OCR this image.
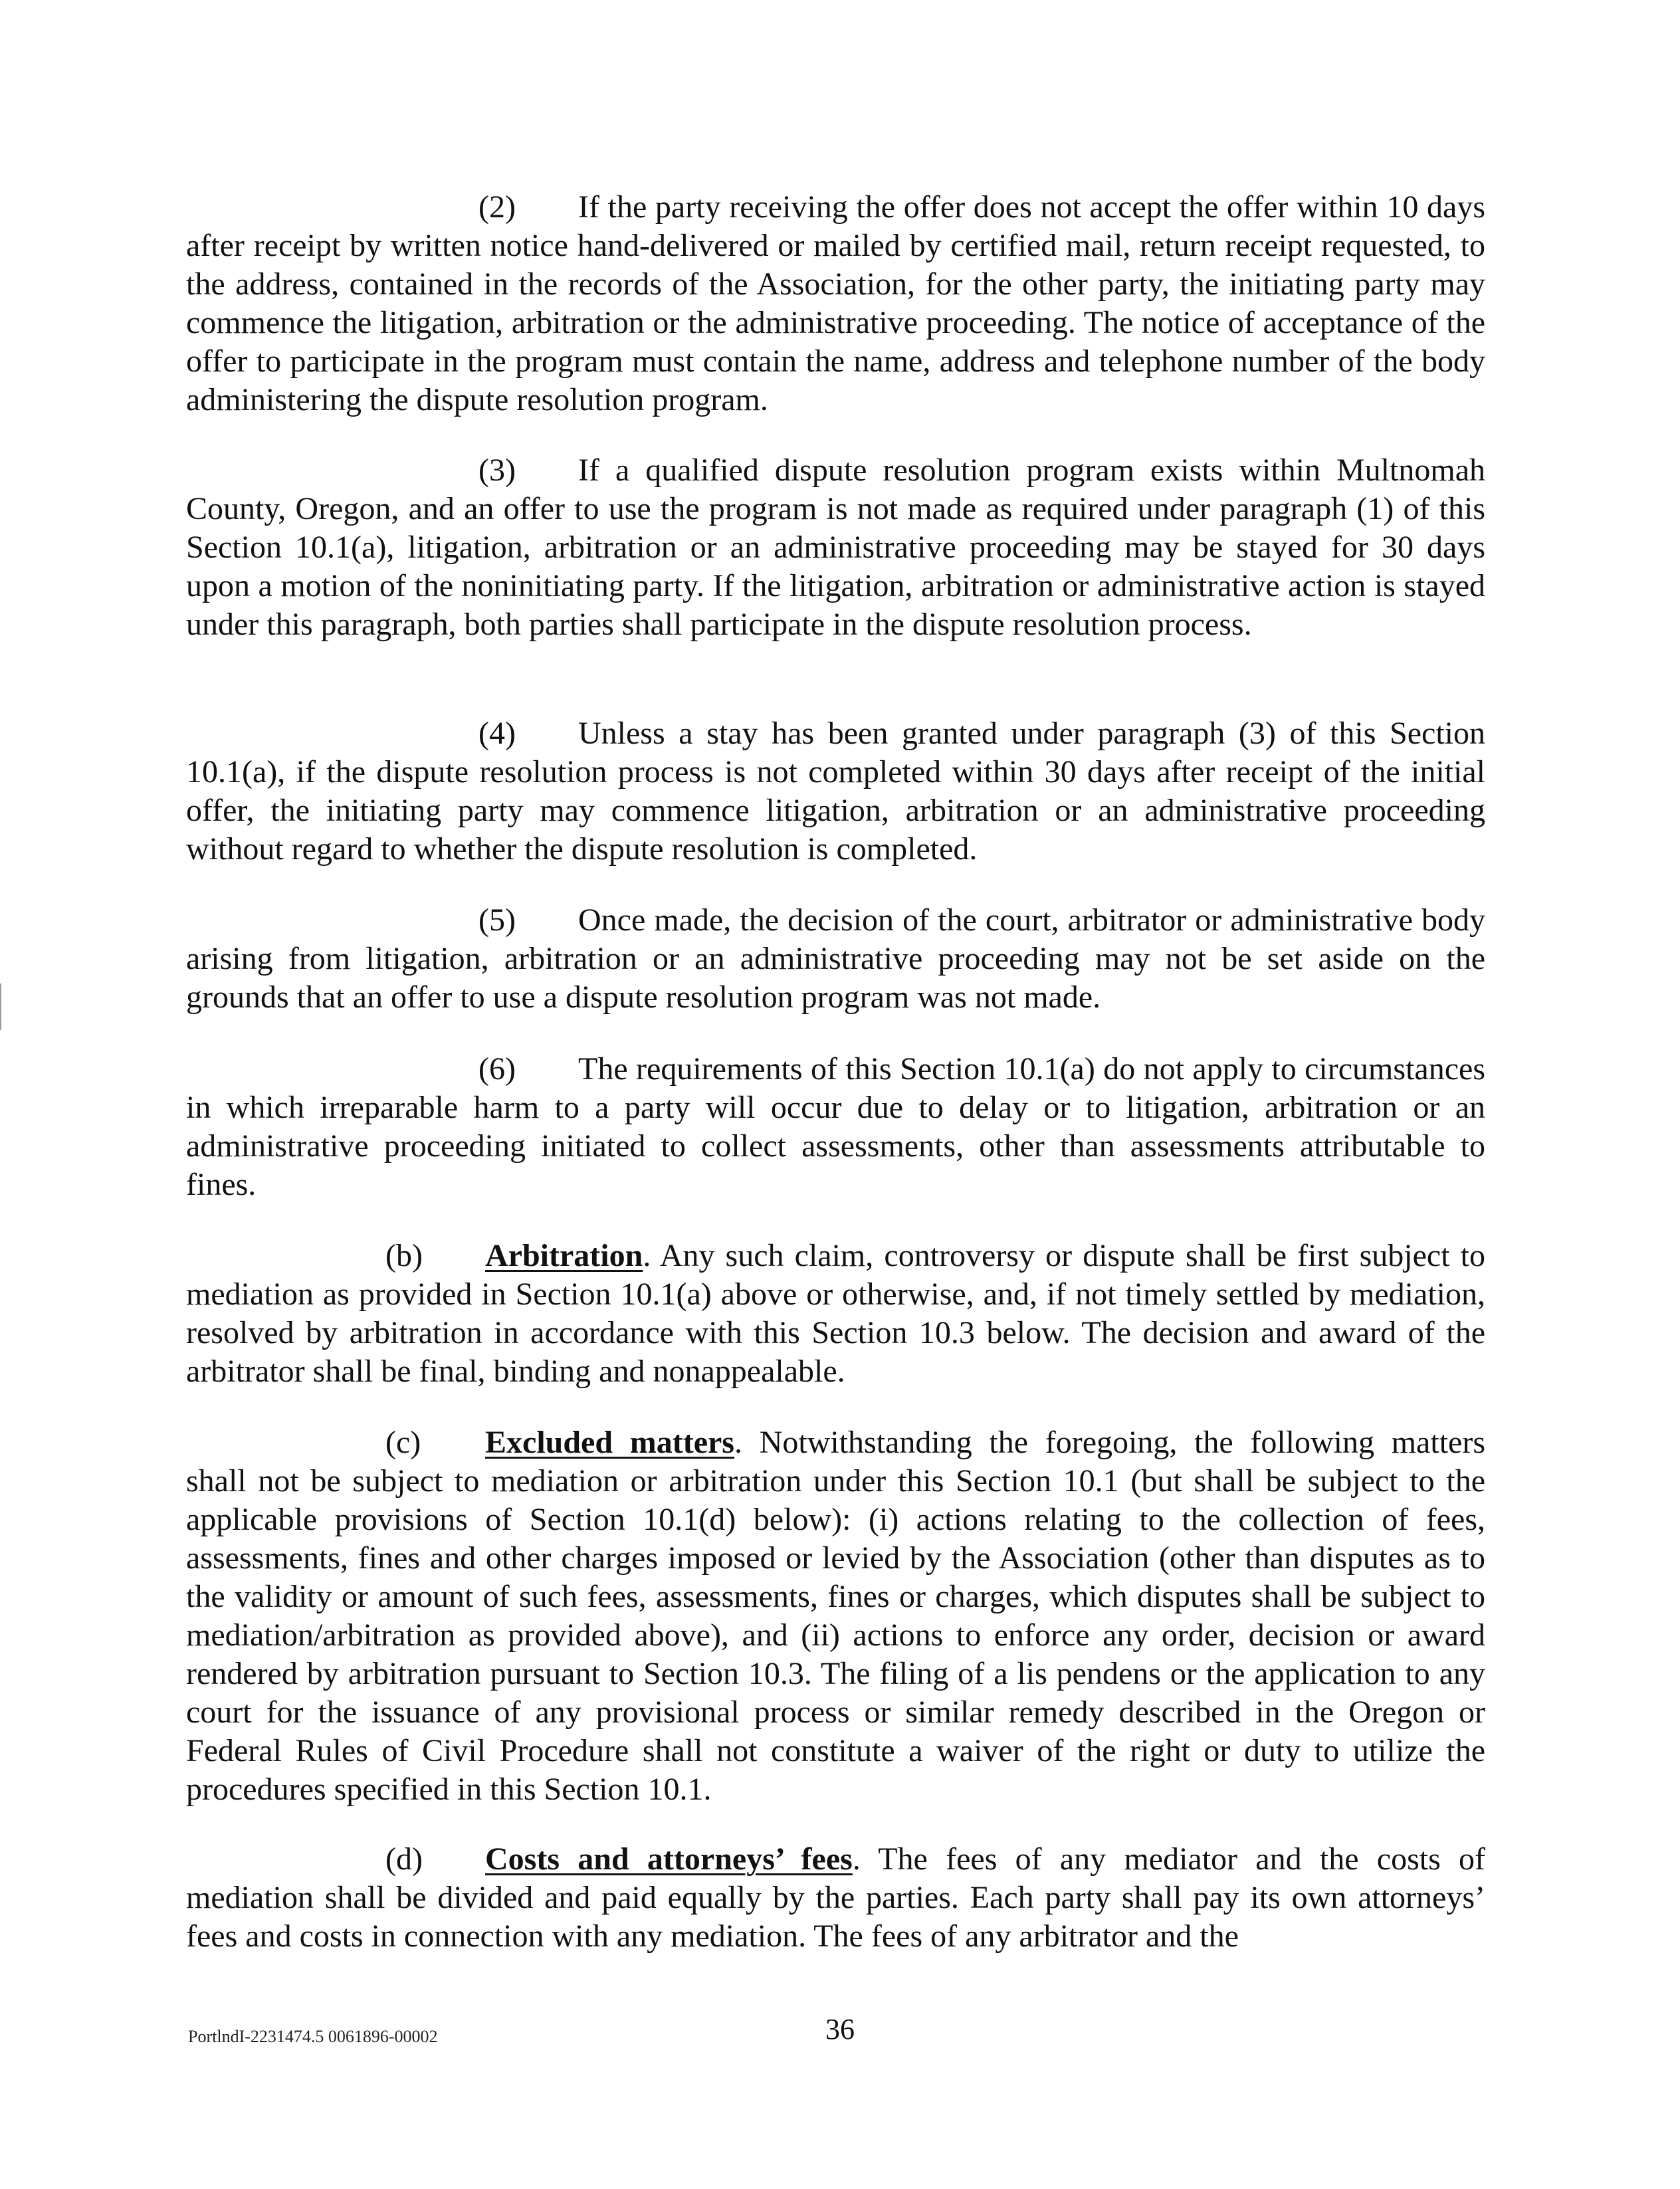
(2) If the party receiving the offer does not accept the offer within 10 days after receipt by written notice hand-delivered or mailed by certified mail, return receipt requested, to the address, contained in the records of the Association, for the other party, the initiating party may commence the litigation, arbitration or the administrative proceeding. The notice of acceptance of the offer to participate in the program must contain the name, address and telephone number of the body administering the dispute resolution program.

(3) If a qualified dispute resolution program exists within Multnomah County, Oregon, and an offer to use the program is not made as required under paragraph (1) of this Section 10.1(a), litigation, arbitration or an administrative proceeding may be stayed for 30 days upon a motion of the noninitiating party. If the litigation, arbitration or administrative action is stayed under this paragraph, both parties shall participate in the dispute resolution process.

(4) Unless a stay has been granted under paragraph (3) of this Section 10.1(a), if the dispute resolution process is not completed within 30 days after receipt of the initial offer, the initiating party may commence litigation, arbitration or an administrative proceeding without regard to whether the dispute resolution is completed.

(5) Once made, the decision of the court, arbitrator or administrative body arising from litigation, arbitration or an administrative proceeding may not be set aside on the grounds that an offer to use a dispute resolution program was not made.

(6) The requirements of this Section 10.1(a) do not apply to circumstances in which irreparable harm to a party will occur due to delay or to litigation, arbitration or an administrative proceeding initiated to collect assessments, other than assessments attributable to fines.

(b) Arbitration. Any such claim, controversy or dispute shall be first subject to mediation as provided in Section 10.1(a) above or otherwise, and, if not timely settled by mediation, resolved by arbitration in accordance with this Section 10.3 below. The decision and award of the arbitrator shall be final, binding and nonappealable.

(c) Excluded matters. Notwithstanding the foregoing, the following matters shall not be subject to mediation or arbitration under this Section 10.1 (but shall be subject to the applicable provisions of Section 10.1(d) below): (i) actions relating to the collection of fees, assessments, fines and other charges imposed or levied by the Association (other than disputes as to the validity or amount of such fees, assessments, fines or charges, which disputes shall be subject to mediation/arbitration as provided above), and (ii) actions to enforce any order, decision or award rendered by arbitration pursuant to Section 10.3. The filing of a lis pendens or the application to any court for the issuance of any provisional process or similar remedy described in the Oregon or Federal Rules of Civil Procedure shall not constitute a waiver of the right or duty to utilize the procedures specified in this Section 10.1.

(d) Costs and attorneys’ fees. The fees of any mediator and the costs of mediation shall be divided and paid equally by the parties. Each party shall pay its own attorneys’ fees and costs in connection with any mediation. The fees of any arbitrator and the

PortlndI-2231474.5 0061896-00002	36
